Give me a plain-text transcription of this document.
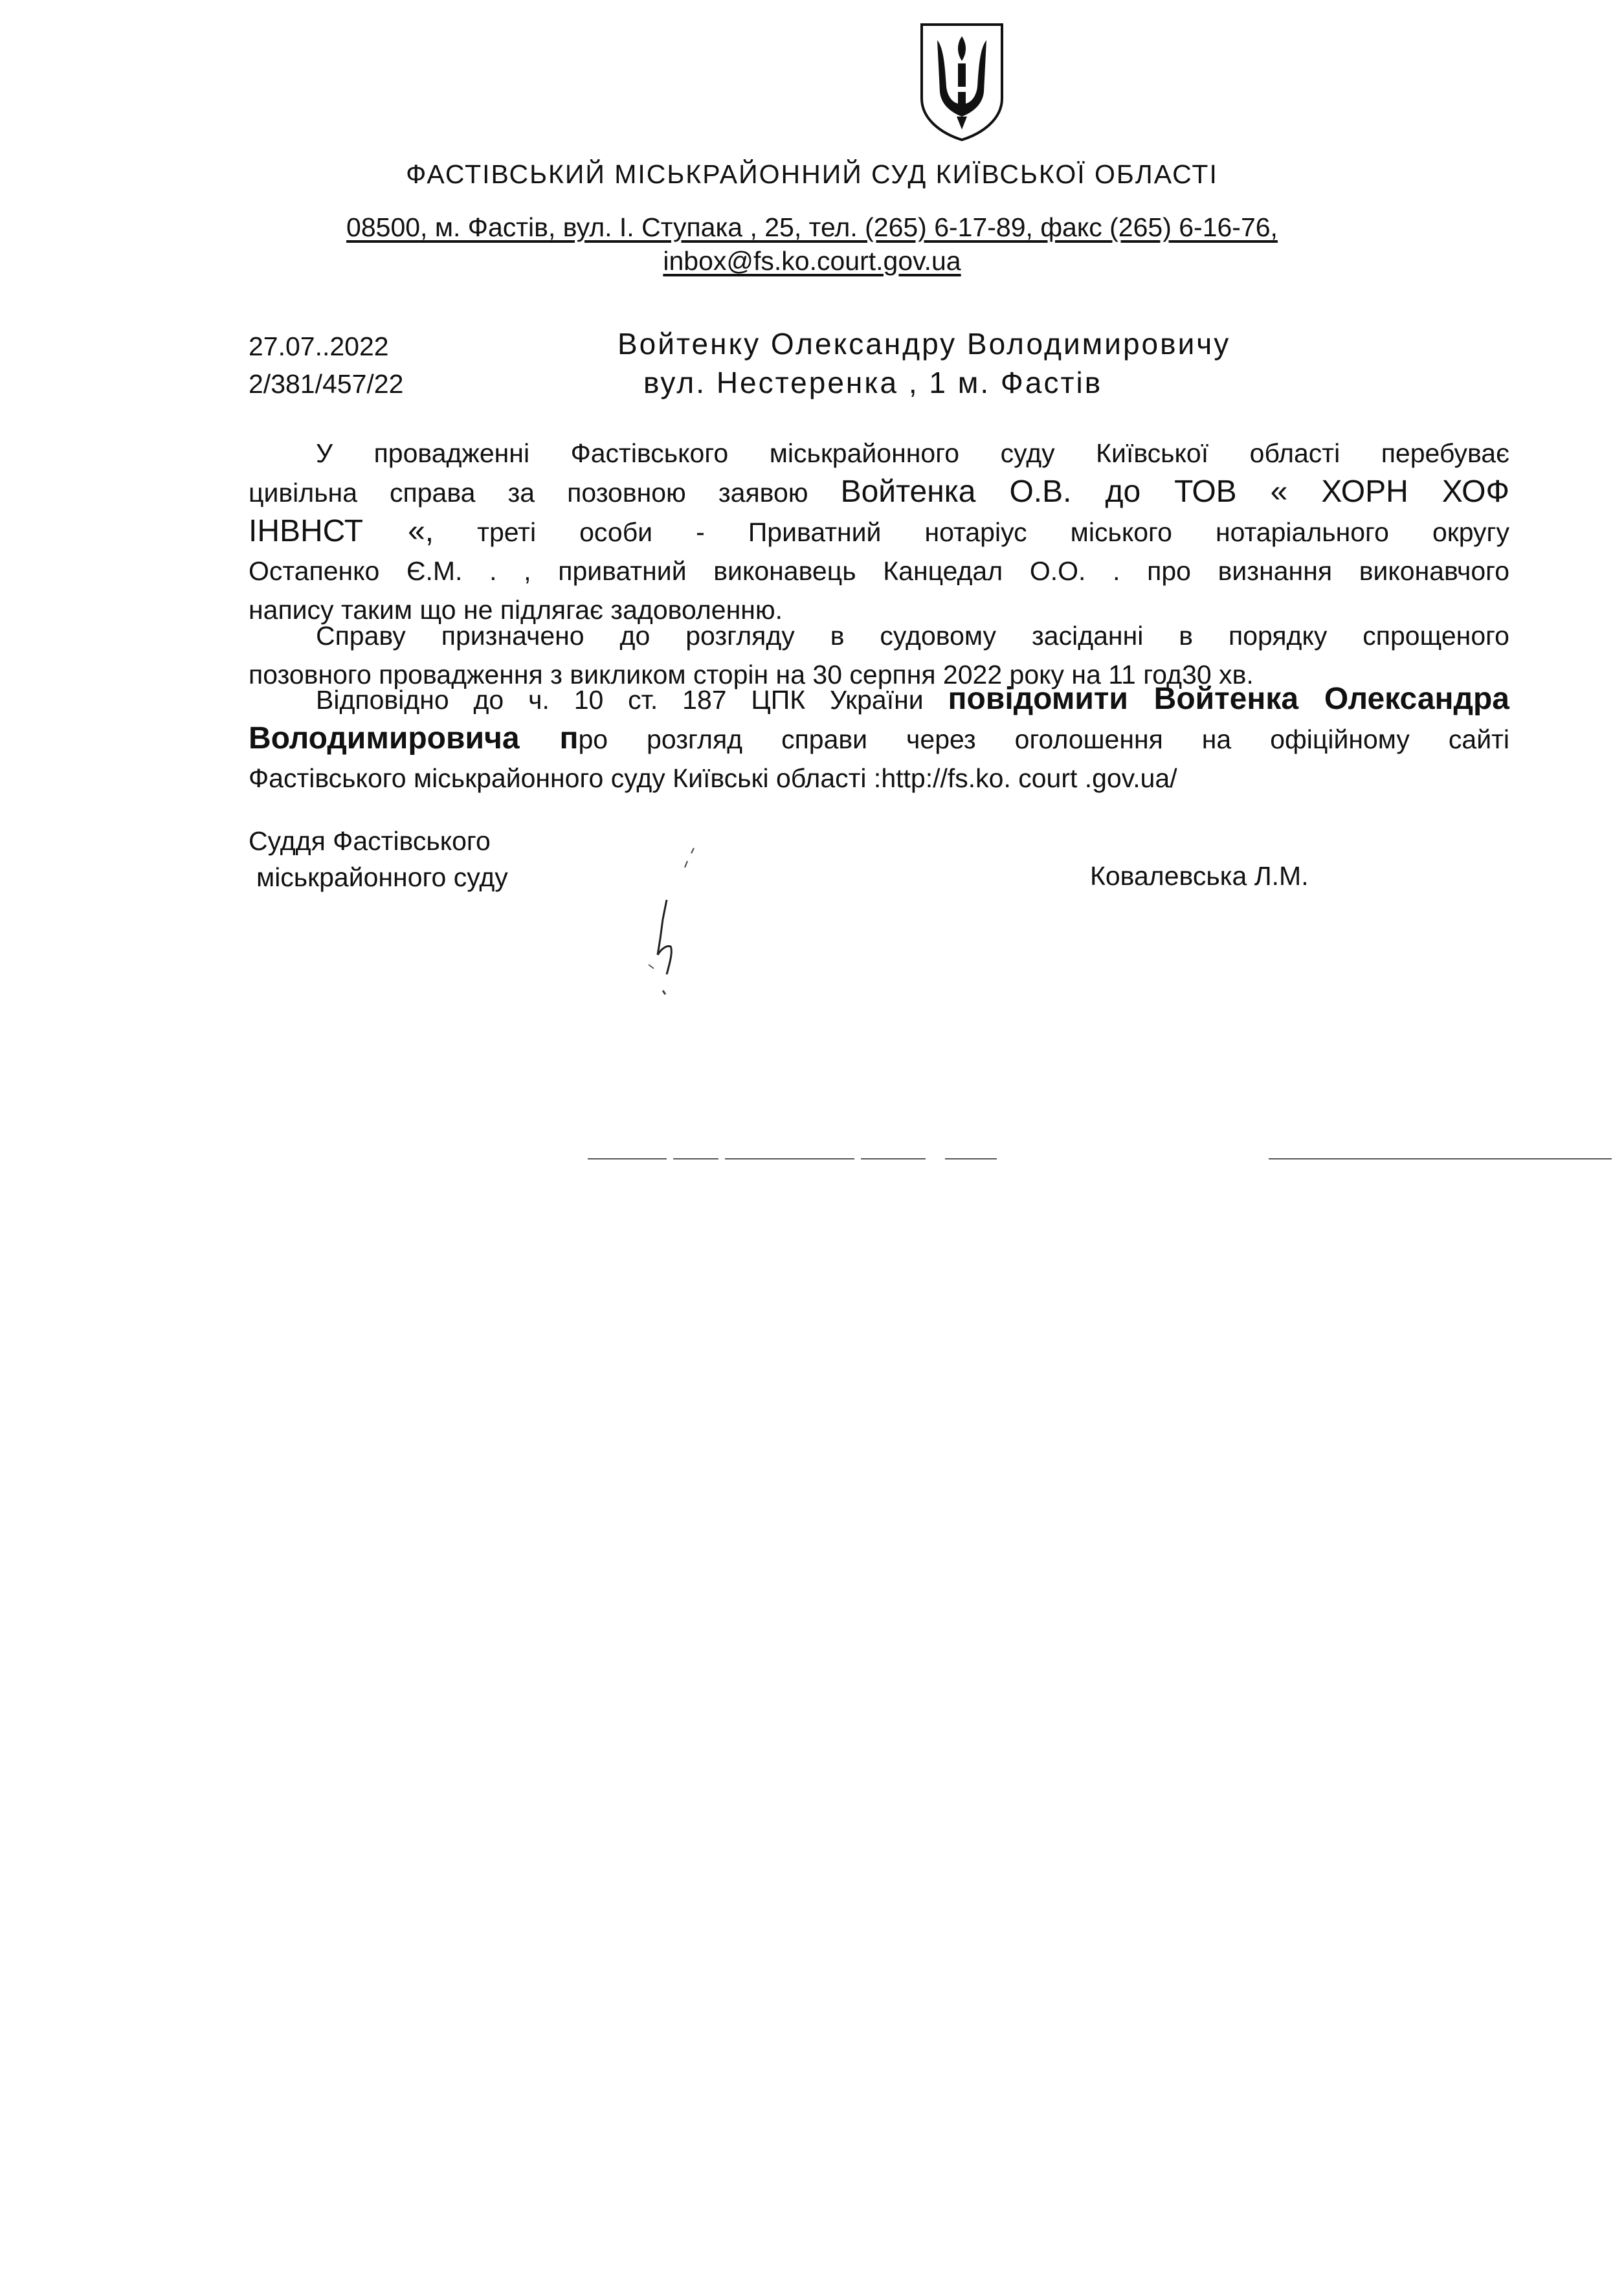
ФАСТІВСЬКИЙ МІСЬКРАЙОННИЙ СУД КИЇВСЬКОЇ ОБЛАСТІ
08500, м. Фастів, вул. І. Ступака , 25, тел. (265) 6-17-89, факс (265) 6-16-76,
inbox@fs.ko.court.gov.ua
27.07..2022
2/381/457/22
Войтенку Олександру Володимировичу
вул. Нестеренка , 1 м. Фастів
У провадженні Фастівського міськрайонного суду Київської області перебуває
цивільна справа за позовною заявою Войтенка О.В. до ТОВ « ХОРН ХОФ
ІНВНСТ «, треті особи - Приватний нотаріус міського нотаріального округу
Остапенко Є.М. . , приватний виконавець Канцедал О.О. . про визнання виконавчого
напису таким що не підлягає задоволенню.
Справу призначено до розгляду в судовому засіданні в порядку спрощеного
позовного провадження з викликом сторін на 30 серпня 2022 року на 11 год30 хв.
Відповідно до ч. 10 ст. 187 ЦПК України повідомити Войтенка Олександра
Володимировича про розгляд справи через оголошення на офіційному сайті
Фастівського міськрайонного суду Київські області :http://fs.ko. court .gov.ua/
Суддя Фастівського
міськрайонного суду	Ковалевська Л.М.
